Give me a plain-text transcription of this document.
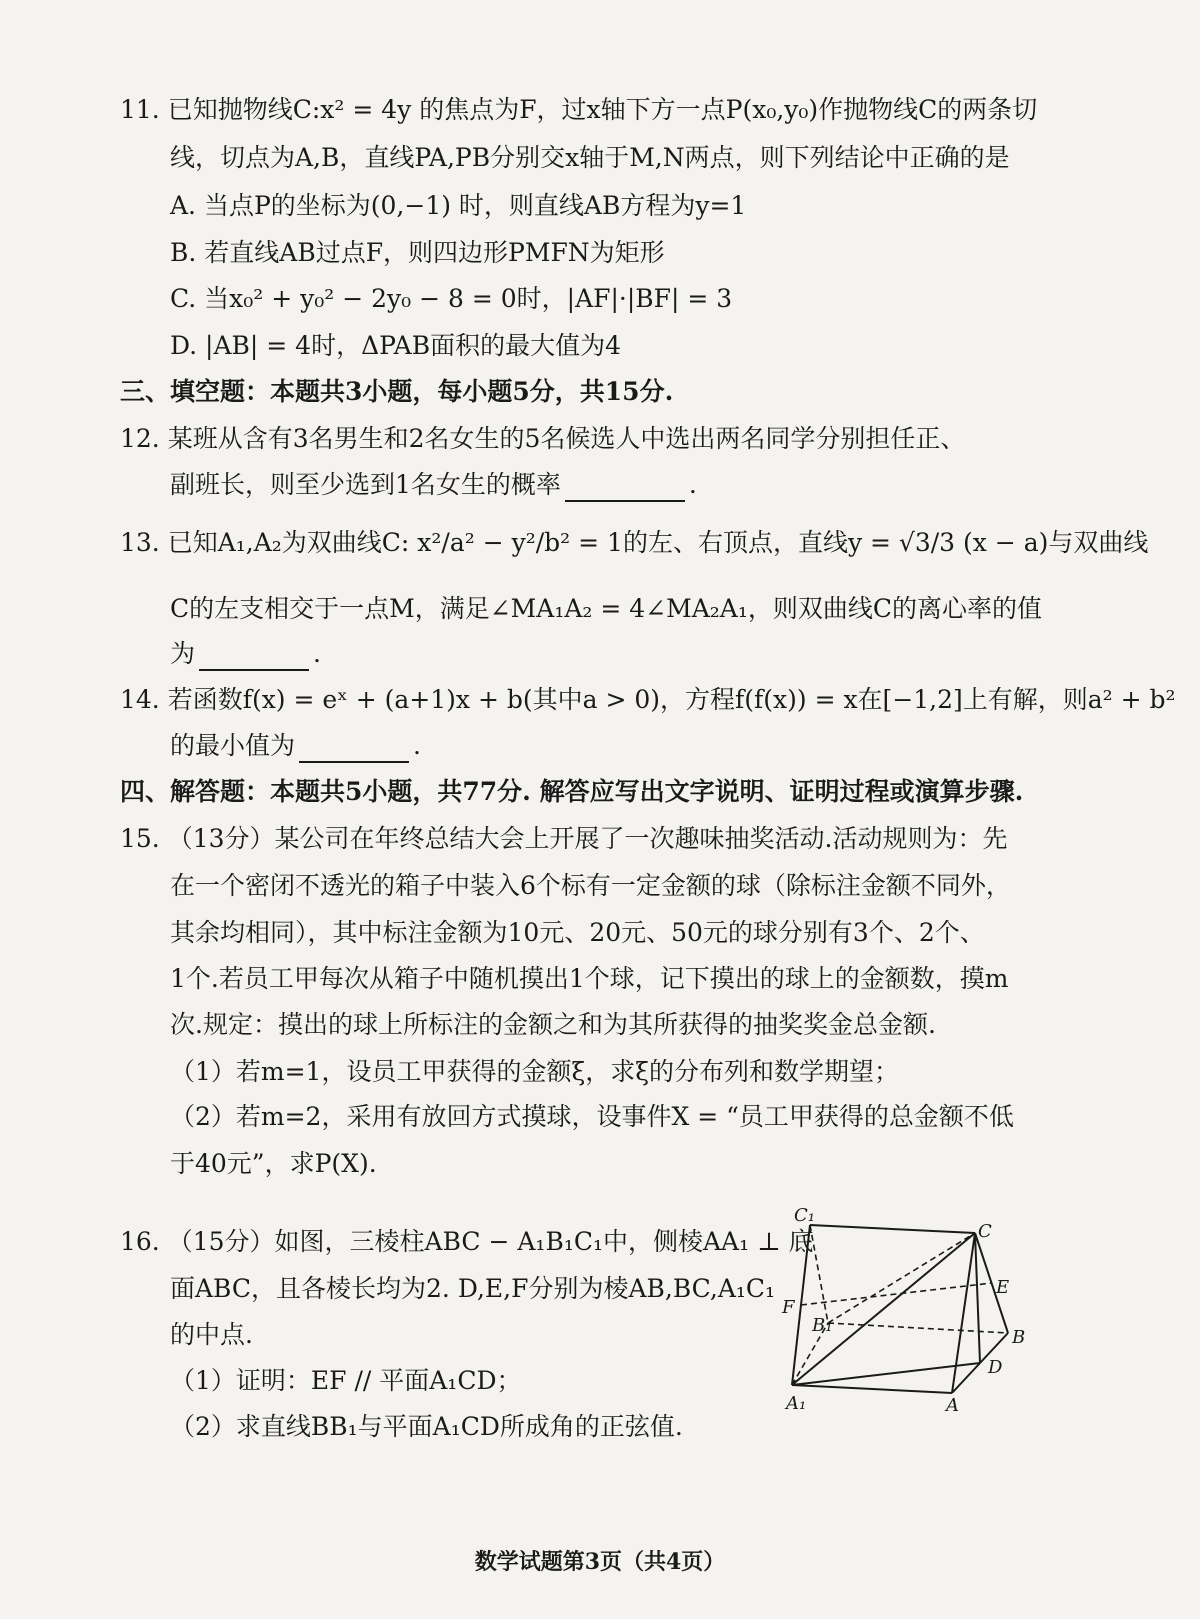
11. 已知抛物线C:x² = 4y 的焦点为F，过x轴下方一点P(x₀,y₀)作抛物线C的两条切
线，切点为A,B，直线PA,PB分别交x轴于M,N两点，则下列结论中正确的是
A. 当点P的坐标为(0,−1) 时，则直线AB方程为y=1
B. 若直线AB过点F，则四边形PMFN为矩形
C. 当x₀² + y₀² − 2y₀ − 8 = 0时，|AF|·|BF| = 3
D. |AB| = 4时，ΔPAB面积的最大值为4
三、填空题：本题共3小题，每小题5分，共15分.
12. 某班从含有3名男生和2名女生的5名候选人中选出两名同学分别担任正、
副班长，则至少选到1名女生的概率	.
13. 已知A₁,A₂为双曲线C: x²/a² − y²/b² = 1的左、右顶点，直线y = √3/3 (x − a)与双曲线
C的左支相交于一点M，满足∠MA₁A₂ = 4∠MA₂A₁，则双曲线C的离心率的值
为	.
14. 若函数f(x) = eˣ + (a+1)x + b(其中a > 0)，方程f(f(x)) = x在[−1,2]上有解，则a² + b²
的最小值为	.
四、解答题：本题共5小题，共77分. 解答应写出文字说明、证明过程或演算步骤.
15. （13分）某公司在年终总结大会上开展了一次趣味抽奖活动.活动规则为：先
在一个密闭不透光的箱子中装入6个标有一定金额的球（除标注金额不同外，
其余均相同），其中标注金额为10元、20元、50元的球分别有3个、2个、
1个.若员工甲每次从箱子中随机摸出1个球，记下摸出的球上的金额数，摸m
次.规定：摸出的球上所标注的金额之和为其所获得的抽奖奖金总金额.
（1）若m=1，设员工甲获得的金额ξ，求ξ的分布列和数学期望；
（2）若m=2，采用有放回方式摸球，设事件X = “员工甲获得的总金额不低
于40元”，求P(X).
16. （15分）如图，三棱柱ABC − A₁B₁C₁中，侧棱AA₁ ⊥ 底
面ABC，且各棱长均为2. D,E,F分别为棱AB,BC,A₁C₁
的中点.
（1）证明：EF // 平面A₁CD；
（2）求直线BB₁与平面A₁CD所成角的正弦值.
C₁
C
E
F
B₁
B
D
A₁	A
数学试题第3页（共4页）
